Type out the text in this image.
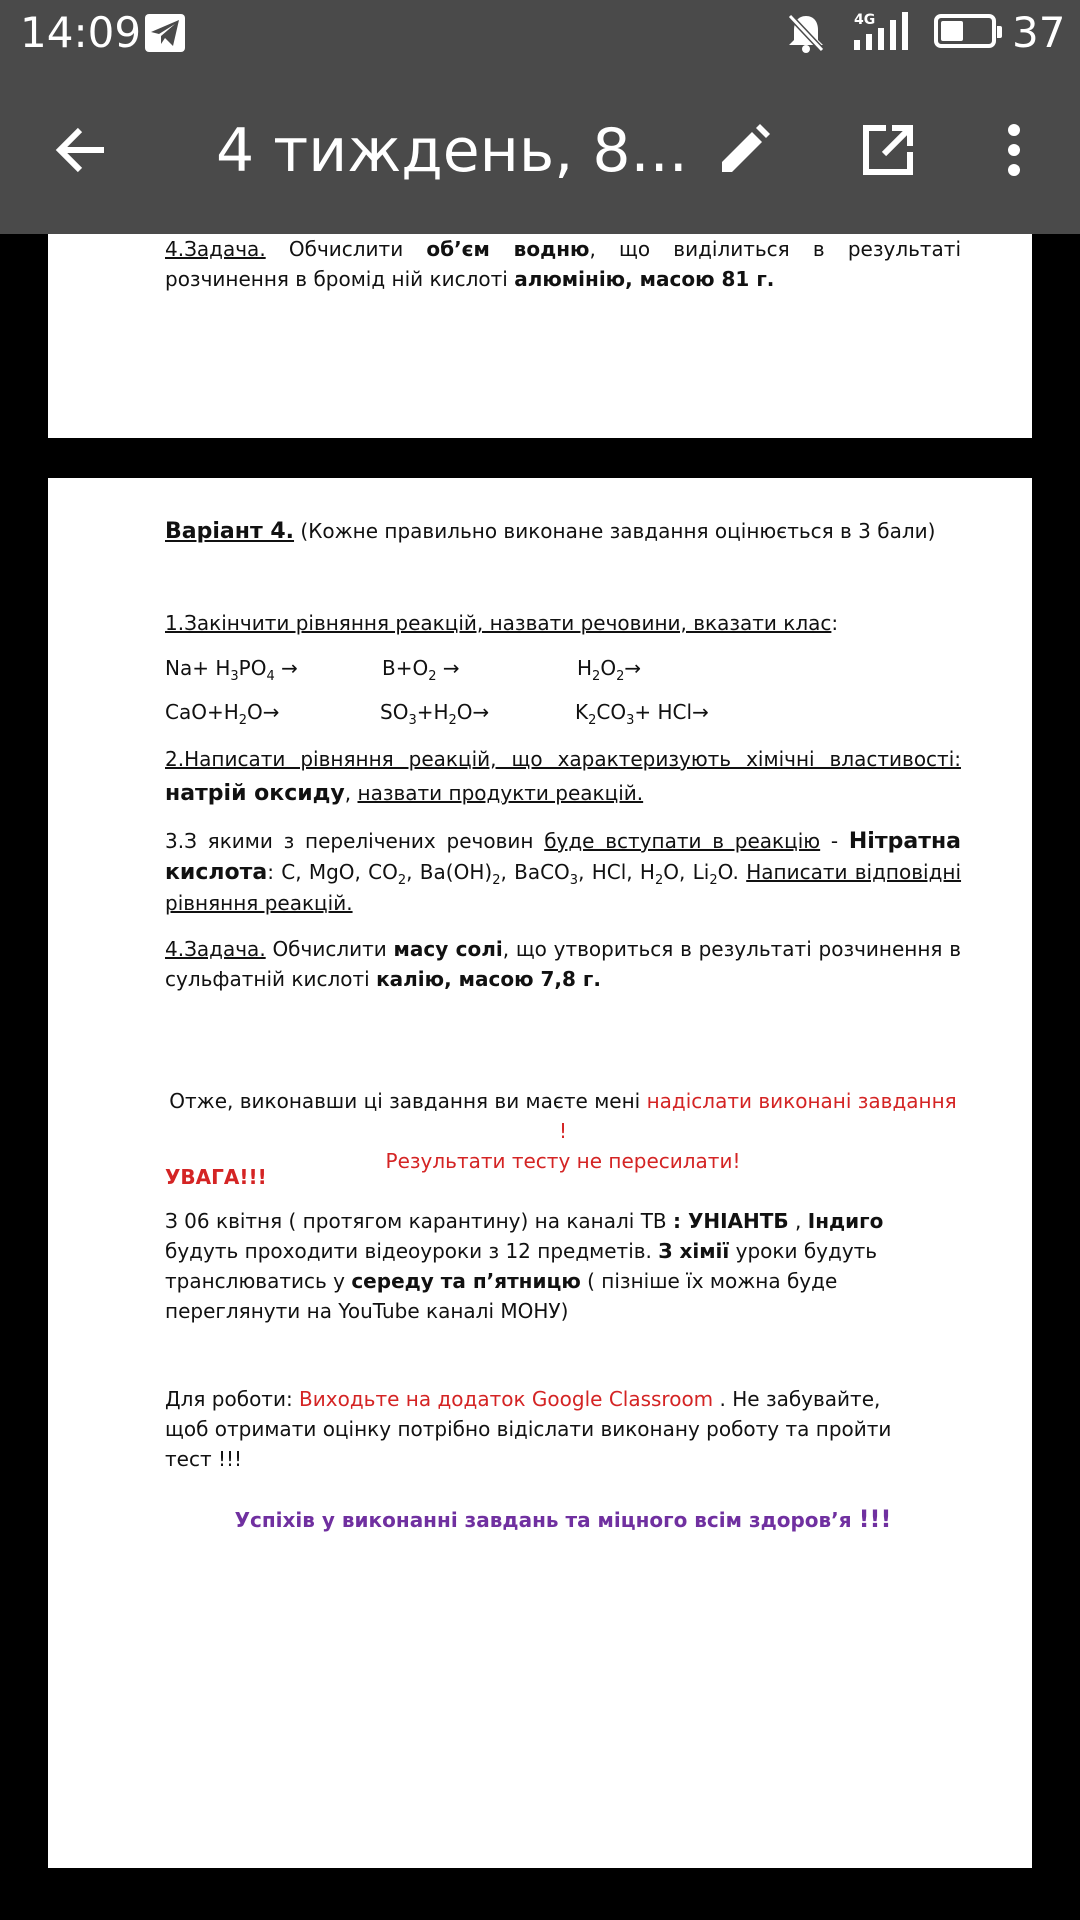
14:09	4G	37
4 тиждень, 8...
4.Задача. Обчислити об’єм водню, що виділиться в результаті розчинення в бромід ній кислоті алюмінію, масою 81 г.
Варіант 4. (Кожне правильно виконане завдання оцінюється в 3 бали)
1.Закінчити рівняння реакцій, назвати речовини, вказати клас:
$Na+ H_3PO_4$ →	$B+O_2$ →	$H_2O_2\to$
$CaO+H_2O\to$	$SO_3+H_2O\to$	$K_2CO_3+ HCl\to$
2.Написати рівняння реакцій, що характеризують хімічні властивості: натрій оксиду, назвати продукти реакцій.
3.З якими з перелічених речовин буде вступати в реакцію - Нітратна кислота: C, MgO, $CO_2$, $Ba(OH)_2$, BaCO$_3$, HCl, $H_2O$, $Li_2O$. Написати відповідні рівняння реакцій.
4.Задача. Обчислити масу солі, що утвориться в результаті розчинення в сульфатній кислоті калію, масою 7,8 г.
Отже, виконавши ці завдання ви маєте мені надіслати виконані завдання !
Результати тесту не пересилати!
УВАГА!!!
З 06 квітня ( протягом карантину) на каналі ТВ : УНІАНТБ , Індиго будуть проходити відеоуроки з 12 предметів. З хімії уроки будуть транслюватись у середу та п’ятницю ( пізніше їх можна буде переглянути на YouTube каналі МОНУ)
Для роботи: Виходьте на додаток Google Classroom . Не забувайте, щоб отримати оцінку потрібно відіслати виконану роботу та пройти тест !!!
Успіхів у виконанні завдань та міцного всім здоров’я !!!
